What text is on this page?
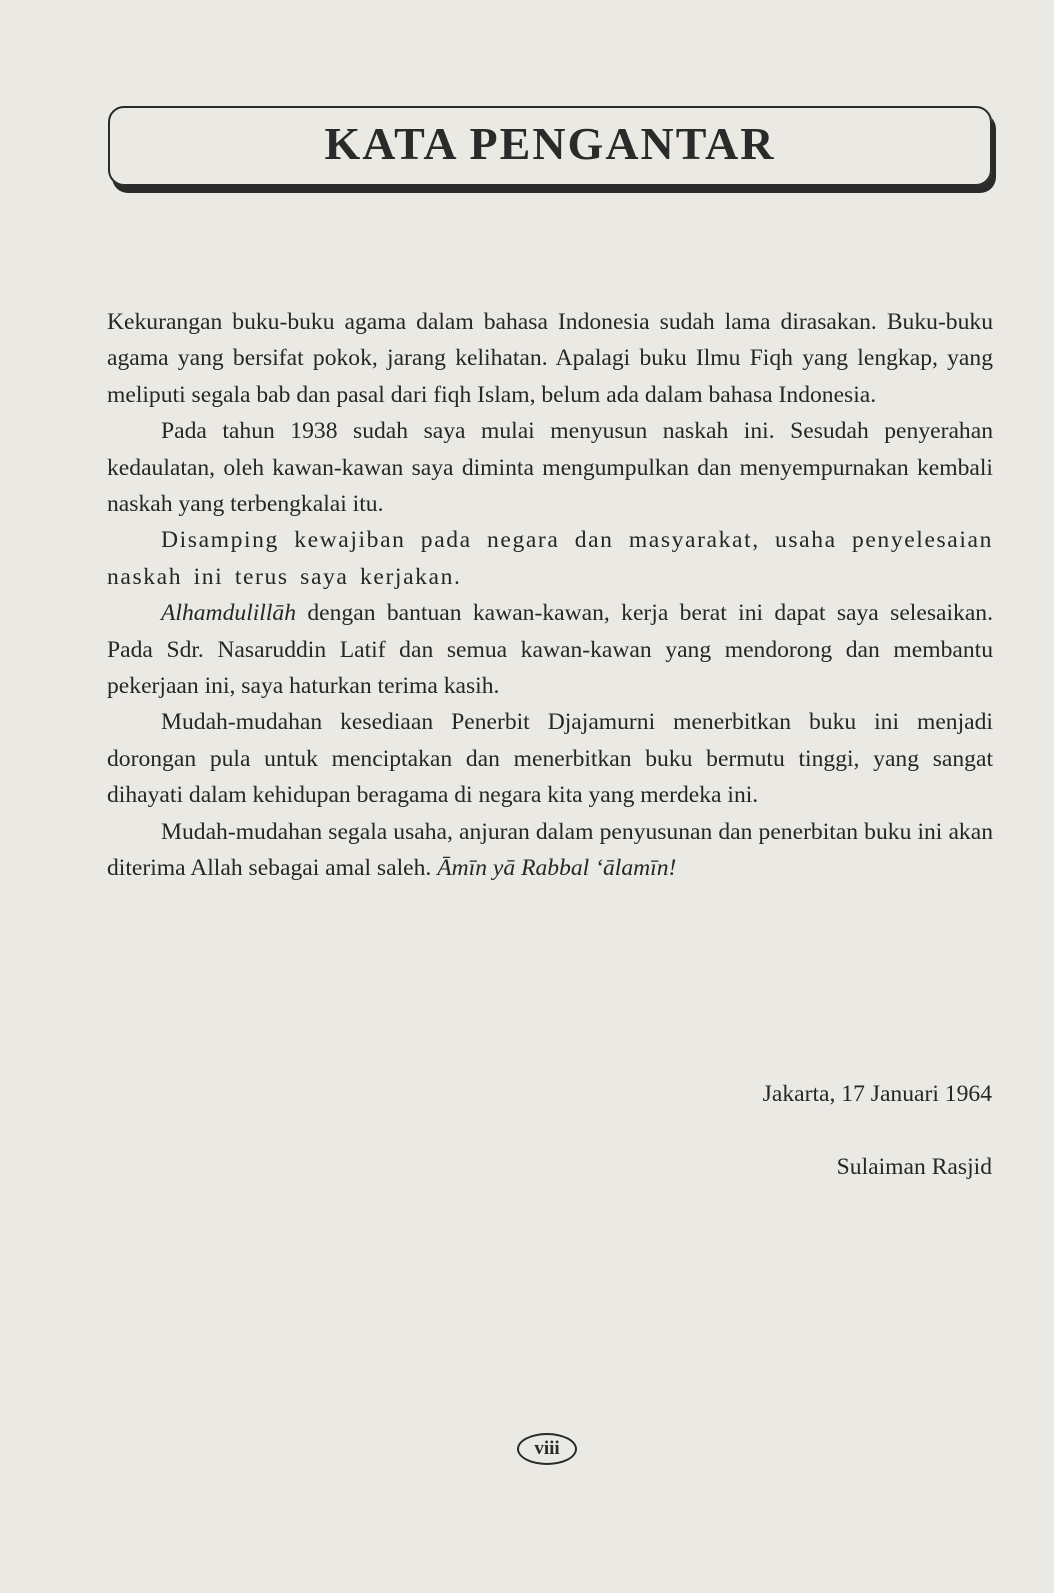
KATA PENGANTAR

Kekurangan buku-buku agama dalam bahasa Indonesia sudah lama dirasakan. Buku-buku agama yang bersifat pokok, jarang kelihatan. Apalagi buku Ilmu Fiqh yang lengkap, yang meliputi segala bab dan pasal dari fiqh Islam, belum ada dalam bahasa Indonesia.

Pada tahun 1938 sudah saya mulai menyusun naskah ini. Sesudah penyerahan kedaulatan, oleh kawan-kawan saya diminta mengumpulkan dan menyempurnakan kembali naskah yang terbengkalai itu.

Disamping kewajiban pada negara dan masyarakat, usaha penyelesaian naskah ini terus saya kerjakan.

Alhamdulillāh dengan bantuan kawan-kawan, kerja berat ini dapat saya selesaikan. Pada Sdr. Nasaruddin Latif dan semua kawan-kawan yang mendorong dan membantu pekerjaan ini, saya haturkan terima kasih.

Mudah-mudahan kesediaan Penerbit Djajamurni menerbitkan buku ini menjadi dorongan pula untuk menciptakan dan menerbitkan buku bermutu tinggi, yang sangat dihayati dalam kehidupan beragama di negara kita yang merdeka ini.

Mudah-mudahan segala usaha, anjuran dalam penyusunan dan penerbitan buku ini akan diterima Allah sebagai amal saleh. Āmīn yā Rabbal ‘ālamīn!

Jakarta, 17 Januari 1964
Sulaiman Rasjid
viii
